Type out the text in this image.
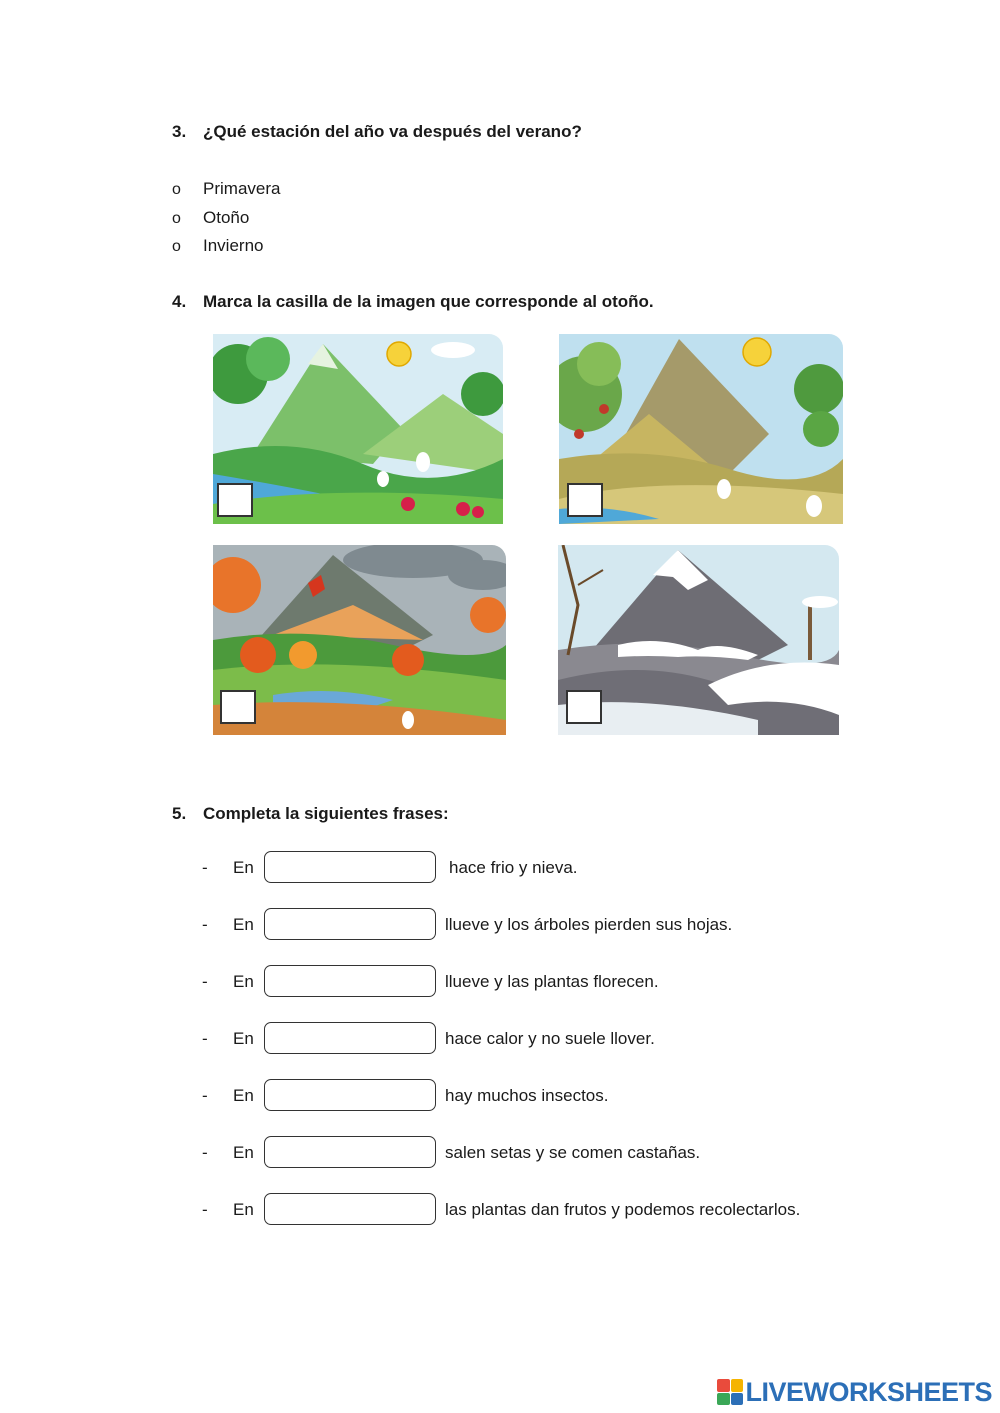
3. ¿Qué estación del año va después del verano?
o Primavera
o Otoño
o Invierno
4. Marca la casilla de la imagen que corresponde al otoño.
5. Completa la siguientes frases:
- En	hace frio y nieva.
- En	llueve y los árboles pierden sus hojas.
- En	llueve y las plantas florecen.
- En	hace calor y no suele llover.
- En	hay muchos insectos.
- En	salen setas y se comen castañas.
- En	las plantas dan frutos y podemos recolectarlos.
LIVEWORKSHEETS
